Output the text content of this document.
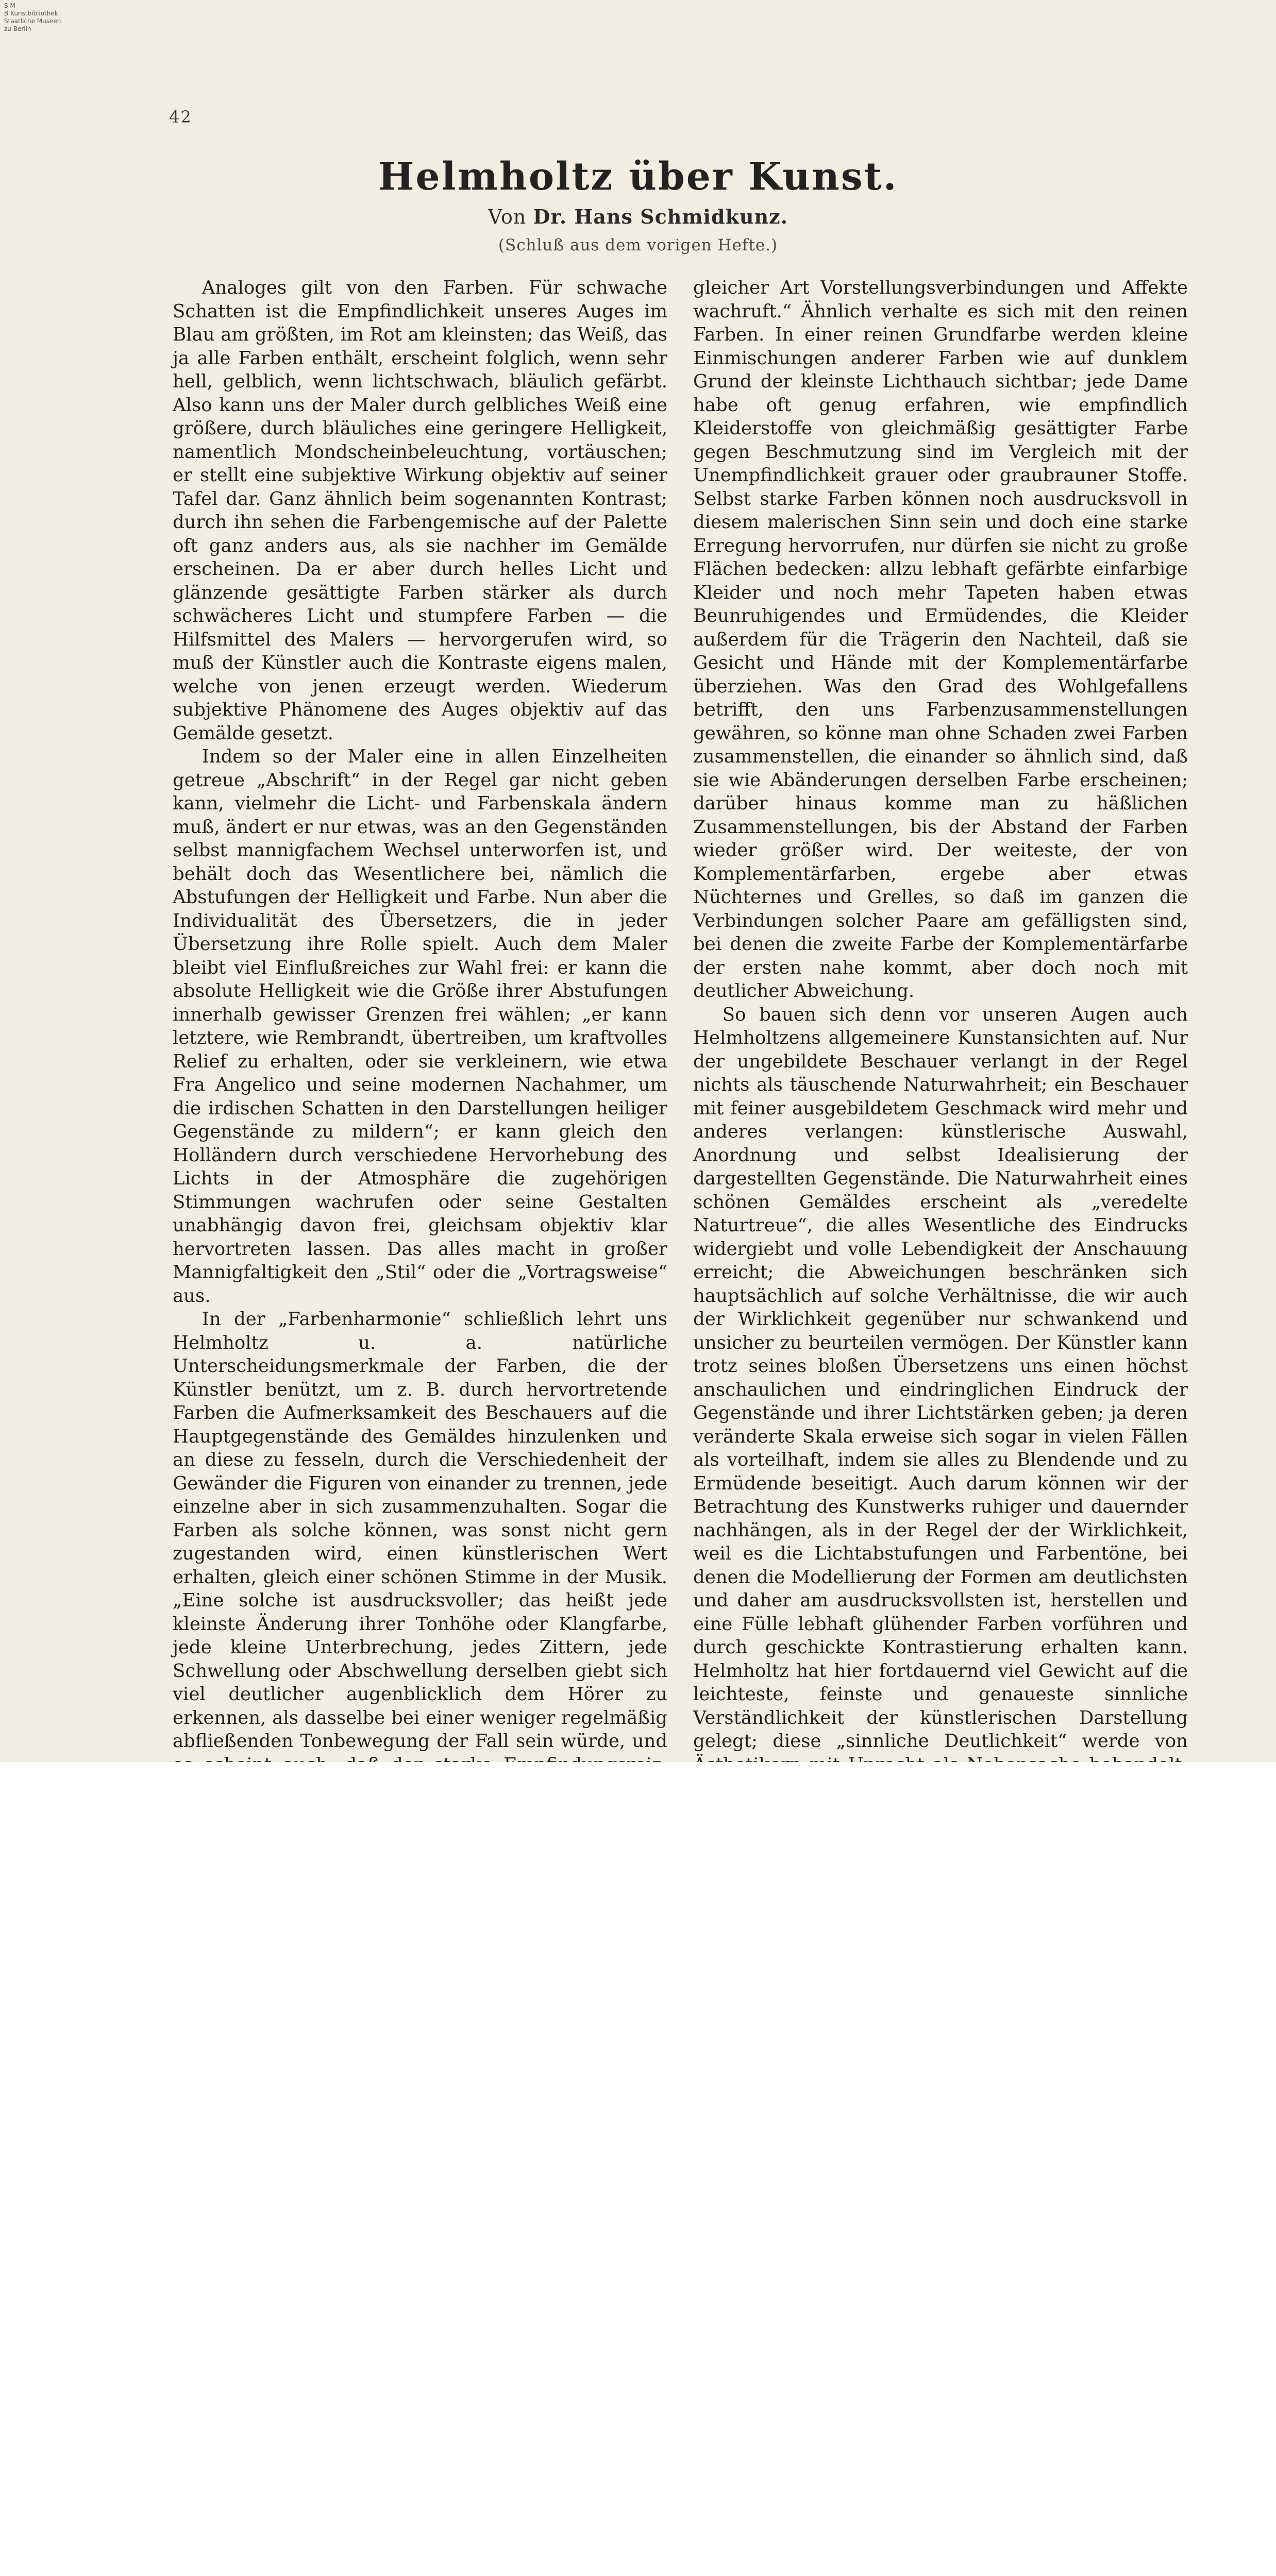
S M
B Kunstbibliothek
Staatliche Museen
zu Berlin
42
Helmholtz über Kunst.
Von Dr. Hans Schmidkunz.
(Schluß aus dem vorigen Hefte.)

Analoges gilt von den Farben. Für schwache Schatten ist die Empfindlichkeit unseres Auges im Blau am größten, im Rot am kleinsten; das Weiß, das ja alle Farben enthält, erscheint folglich, wenn sehr hell, gelblich, wenn lichtschwach, bläulich gefärbt. Also kann uns der Maler durch gelbliches Weiß eine größere, durch bläuliches eine geringere Helligkeit, namentlich Mondscheinbeleuchtung, vortäuschen; er stellt eine subjektive Wirkung objektiv auf seiner Tafel dar. Ganz ähnlich beim sogenannten Kontrast; durch ihn sehen die Farbengemische auf der Palette oft ganz anders aus, als sie nachher im Gemälde erscheinen. Da er aber durch helles Licht und glänzende gesättigte Farben stärker als durch schwächeres Licht und stumpfere Farben — die Hilfsmittel des Malers — hervorgerufen wird, so muß der Künstler auch die Kontraste eigens malen, welche von jenen erzeugt werden. Wiederum subjektive Phänomene des Auges objektiv auf das Gemälde gesetzt.

Indem so der Maler eine in allen Einzelheiten getreue „Abschrift“ in der Regel gar nicht geben kann, vielmehr die Licht- und Farbenskala ändern muß, ändert er nur etwas, was an den Gegenständen selbst mannigfachem Wechsel unterworfen ist, und behält doch das Wesentlichere bei, nämlich die Abstufungen der Helligkeit und Farbe. Nun aber die Individualität des Übersetzers, die in jeder Übersetzung ihre Rolle spielt. Auch dem Maler bleibt viel Einflußreiches zur Wahl frei: er kann die absolute Helligkeit wie die Größe ihrer Abstufungen innerhalb gewisser Grenzen frei wählen; „er kann letztere, wie Rembrandt, übertreiben, um kraftvolles Relief zu erhalten, oder sie verkleinern, wie etwa Fra Angelico und seine modernen Nachahmer, um die irdischen Schatten in den Darstellungen heiliger Gegenstände zu mildern“; er kann gleich den Holländern durch verschiedene Hervorhebung des Lichts in der Atmosphäre die zugehörigen Stimmungen wachrufen oder seine Gestalten unabhängig davon frei, gleichsam objektiv klar hervortreten lassen. Das alles macht in großer Mannigfaltigkeit den „Stil“ oder die „Vortragsweise“ aus.

In der „Farbenharmonie“ schließlich lehrt uns Helmholtz u. a. natürliche Unterscheidungsmerkmale der Farben, die der Künstler benützt, um z. B. durch hervortretende Farben die Aufmerksamkeit des Beschauers auf die Hauptgegenstände des Gemäldes hinzulenken und an diese zu fesseln, durch die Verschiedenheit der Gewänder die Figuren von einander zu trennen, jede einzelne aber in sich zusammenzuhalten. Sogar die Farben als solche können, was sonst nicht gern zugestanden wird, einen künstlerischen Wert erhalten, gleich einer schönen Stimme in der Musik. „Eine solche ist ausdrucksvoller; das heißt jede kleinste Änderung ihrer Tonhöhe oder Klangfarbe, jede kleine Unterbrechung, jedes Zittern, jede Schwellung oder Abschwellung derselben giebt sich viel deutlicher augenblicklich dem Hörer zu erkennen, als dasselbe bei einer weniger regelmäßig abfließenden Tonbewegung der Fall sein würde, und

gleicher Art Vorstellungsverbindungen und Affekte wachruft.“ Ähnlich verhalte es sich mit den reinen Farben. In einer reinen Grundfarbe werden kleine Einmischungen anderer Farben wie auf dunklem Grund der kleinste Lichthauch sichtbar; jede Dame habe oft genug erfahren, wie empfindlich Kleiderstoffe von gleichmäßig gesättigter Farbe gegen Beschmutzung sind im Vergleich mit der Unempfindlichkeit grauer oder graubrauner Stoffe. Selbst starke Farben können noch ausdrucksvoll in diesem malerischen Sinn sein und doch eine starke Erregung hervorrufen, nur dürfen sie nicht zu große Flächen bedecken: allzu lebhaft gefärbte einfarbige Kleider und noch mehr Tapeten haben etwas Beunruhigendes und Ermüdendes, die Kleider außerdem für die Trägerin den Nachteil, daß sie Gesicht und Hände mit der Komplementärfarbe überziehen. Was den Grad des Wohlgefallens betrifft, den uns Farbenzusammenstellungen gewähren, so könne man ohne Schaden zwei Farben zusammenstellen, die einander so ähnlich sind, daß sie wie Abänderungen derselben Farbe erscheinen; darüber hinaus komme man zu häßlichen Zusammenstellungen, bis der Abstand der Farben wieder größer wird. Der weiteste, der von Komplementärfarben, ergebe aber etwas Nüchternes und Grelles, so daß im ganzen die Verbindungen solcher Paare am gefälligsten sind, bei denen die zweite Farbe der Komplementärfarbe der ersten nahe kommt, aber doch noch mit deutlicher Abweichung.

So bauen sich denn vor unseren Augen auch Helmholtzens allgemeinere Kunstansichten auf. Nur der ungebildete Beschauer verlangt in der Regel nichts als täuschende Naturwahrheit; ein Beschauer mit feiner ausgebildetem Geschmack wird mehr und anderes verlangen: künstlerische Auswahl, Anordnung und selbst Idealisierung der dargestellten Gegenstände. Die Naturwahrheit eines schönen Gemäldes erscheint als „veredelte Naturtreue“, die alles Wesentliche des Eindrucks widergiebt und volle Lebendigkeit der Anschauung erreicht; die Abweichungen beschränken sich hauptsächlich auf solche Verhältnisse, die wir auch der Wirklichkeit gegenüber nur schwankend und unsicher zu beurteilen vermögen. Der Künstler kann trotz seines bloßen Übersetzens uns einen höchst anschaulichen und eindringlichen Eindruck der Gegenstände und ihrer Lichtstärken geben; ja deren veränderte Skala erweise sich sogar in vielen Fällen als vorteilhaft, indem sie alles zu Blendende und zu Ermüdende beseitigt. Auch darum können wir der Betrachtung des Kunstwerks ruhiger und dauernder nachhängen, als in der Regel der der Wirklichkeit, weil es die Lichtabstufungen und Farbentöne, bei denen die Modellierung der Formen am deutlichsten und daher am ausdrucksvollsten ist, herstellen und eine Fülle lebhaft glühender Farben vorführen und durch geschickte Kontrastierung erhalten kann. Helmholtz hat hier fortdauernd viel Gewicht auf die leichteste, feinste und genaueste sinnliche Verständlichkeit der künstlerischen Darstellung gelegt; diese „sinnliche Deutlichkeit“ werde von
